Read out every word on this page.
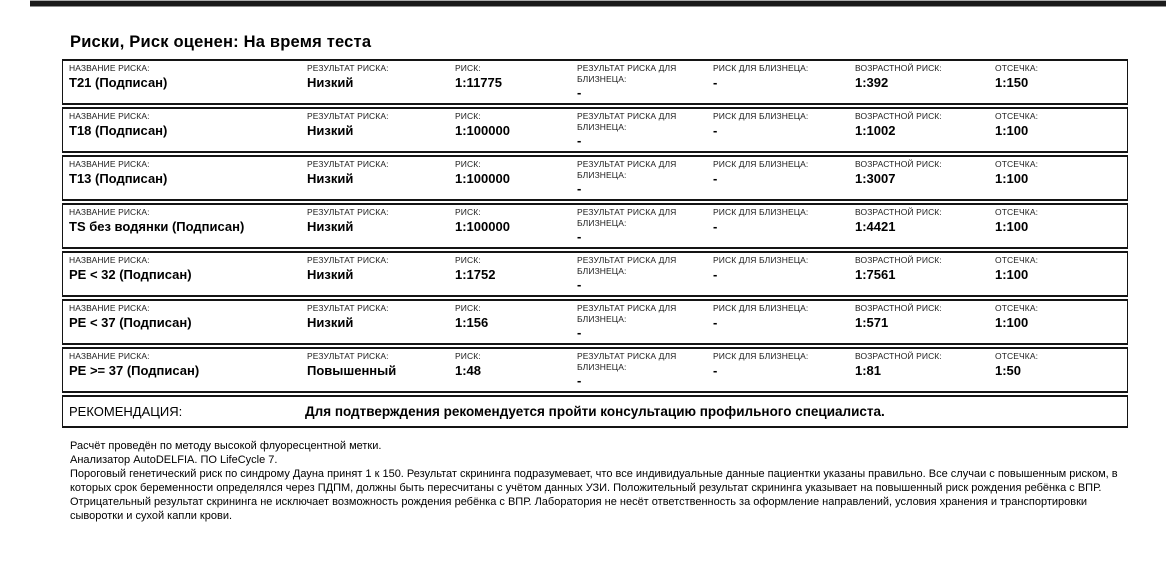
Риски, Риск оценен: На время теста
НАЗВАНИЕ РИСКА:
T21 (Подписан)
РЕЗУЛЬТАТ РИСКА:
Низкий
РИСК:
1:11775
РЕЗУЛЬТАТ РИСКА ДЛЯ БЛИЗНЕЦА:
-
РИСК ДЛЯ БЛИЗНЕЦА:
-
ВОЗРАСТНОЙ РИСК:
1:392
ОТСЕЧКА:
1:150
НАЗВАНИЕ РИСКА:
T18 (Подписан)
РЕЗУЛЬТАТ РИСКА:
Низкий
РИСК:
1:100000
РЕЗУЛЬТАТ РИСКА ДЛЯ БЛИЗНЕЦА:
-
РИСК ДЛЯ БЛИЗНЕЦА:
-
ВОЗРАСТНОЙ РИСК:
1:1002
ОТСЕЧКА:
1:100
НАЗВАНИЕ РИСКА:
T13 (Подписан)
РЕЗУЛЬТАТ РИСКА:
Низкий
РИСК:
1:100000
РЕЗУЛЬТАТ РИСКА ДЛЯ БЛИЗНЕЦА:
-
РИСК ДЛЯ БЛИЗНЕЦА:
-
ВОЗРАСТНОЙ РИСК:
1:3007
ОТСЕЧКА:
1:100
НАЗВАНИЕ РИСКА:
TS без водянки (Подписан)
РЕЗУЛЬТАТ РИСКА:
Низкий
РИСК:
1:100000
РЕЗУЛЬТАТ РИСКА ДЛЯ БЛИЗНЕЦА:
-
РИСК ДЛЯ БЛИЗНЕЦА:
-
ВОЗРАСТНОЙ РИСК:
1:4421
ОТСЕЧКА:
1:100
НАЗВАНИЕ РИСКА:
PE < 32 (Подписан)
РЕЗУЛЬТАТ РИСКА:
Низкий
РИСК:
1:1752
РЕЗУЛЬТАТ РИСКА ДЛЯ БЛИЗНЕЦА:
-
РИСК ДЛЯ БЛИЗНЕЦА:
-
ВОЗРАСТНОЙ РИСК:
1:7561
ОТСЕЧКА:
1:100
НАЗВАНИЕ РИСКА:
PE < 37 (Подписан)
РЕЗУЛЬТАТ РИСКА:
Низкий
РИСК:
1:156
РЕЗУЛЬТАТ РИСКА ДЛЯ БЛИЗНЕЦА:
-
РИСК ДЛЯ БЛИЗНЕЦА:
-
ВОЗРАСТНОЙ РИСК:
1:571
ОТСЕЧКА:
1:100
НАЗВАНИЕ РИСКА:
PE >= 37 (Подписан)
РЕЗУЛЬТАТ РИСКА:
Повышенный
РИСК:
1:48
РЕЗУЛЬТАТ РИСКА ДЛЯ БЛИЗНЕЦА:
-
РИСК ДЛЯ БЛИЗНЕЦА:
-
ВОЗРАСТНОЙ РИСК:
1:81
ОТСЕЧКА:
1:50
РЕКОМЕНДАЦИЯ:	Для подтверждения рекомендуется пройти консультацию профильного специалиста.
Расчёт проведён по методу высокой флуоресцентной метки.
Анализатор AutoDELFIA. ПО LifeCycle 7.
Пороговый генетический риск по синдрому Дауна принят 1 к 150. Результат скрининга подразумевает, что все индивидуальные данные пациентки указаны правильно. Все случаи с повышенным риском, в которых срок беременности определялся через ПДПМ, должны быть пересчитаны с учётом данных УЗИ. Положительный результат скрининга указывает на повышенный риск рождения ребёнка с ВПР. Отрицательный результат скрининга не исключает возможность рождения ребёнка с ВПР. Лаборатория не несёт ответственность за оформление направлений, условия хранения и транспортировки сыворотки и сухой капли крови.
